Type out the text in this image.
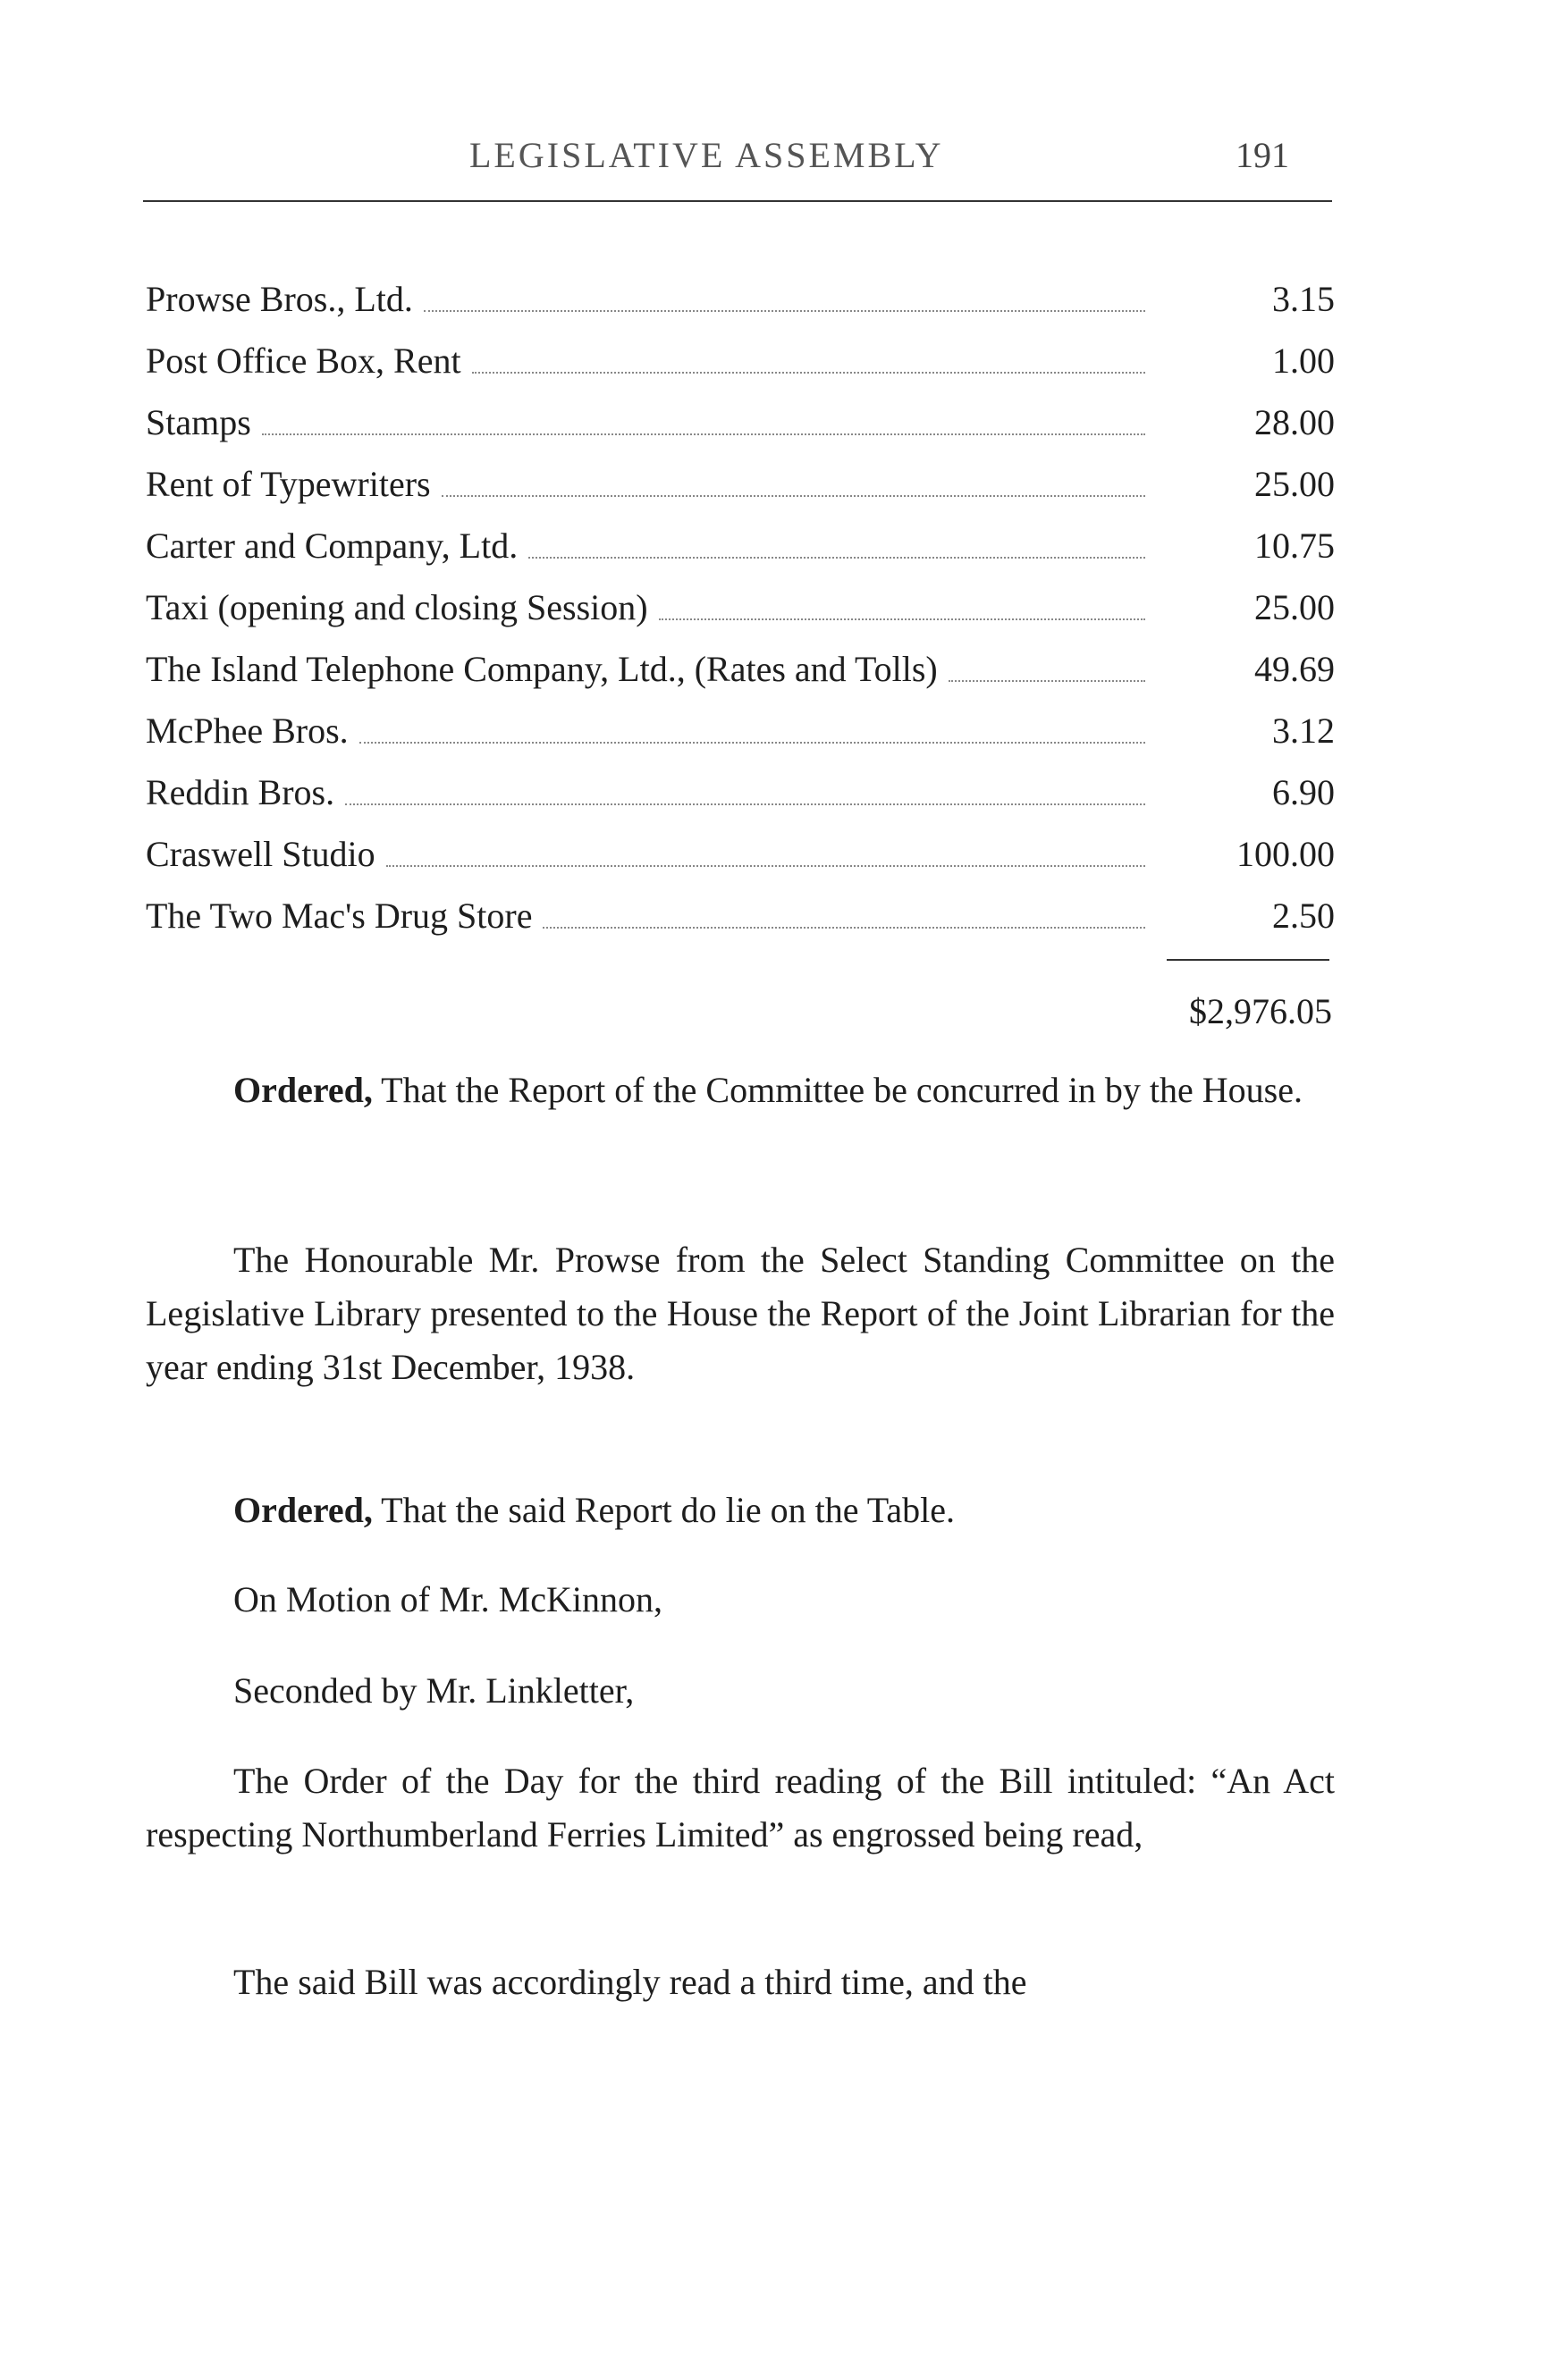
LEGISLATIVE ASSEMBLY	191
Prowse Bros., Ltd.	3.15
Post Office Box, Rent	1.00
Stamps	28.00
Rent of Typewriters	25.00
Carter and Company, Ltd.	10.75
Taxi (opening and closing Session)	25.00
The Island Telephone Company, Ltd., (Rates and Tolls)	49.69
McPhee Bros.	3.12
Reddin Bros.	6.90
Craswell Studio	100.00
The Two Mac's Drug Store	2.50
$2,976.05

Ordered, That the Report of the Committee be concurred in by the House.

The Honourable Mr. Prowse from the Select Standing Committee on the Legislative Library presented to the House the Report of the Joint Librarian for the year ending 31st December, 1938.

Ordered, That the said Report do lie on the Table.

On Motion of Mr. McKinnon,

Seconded by Mr. Linkletter,

The Order of the Day for the third reading of the Bill intituled: “An Act respecting Northumberland Ferries Limited” as engrossed being read,

The said Bill was accordingly read a third time, and the
